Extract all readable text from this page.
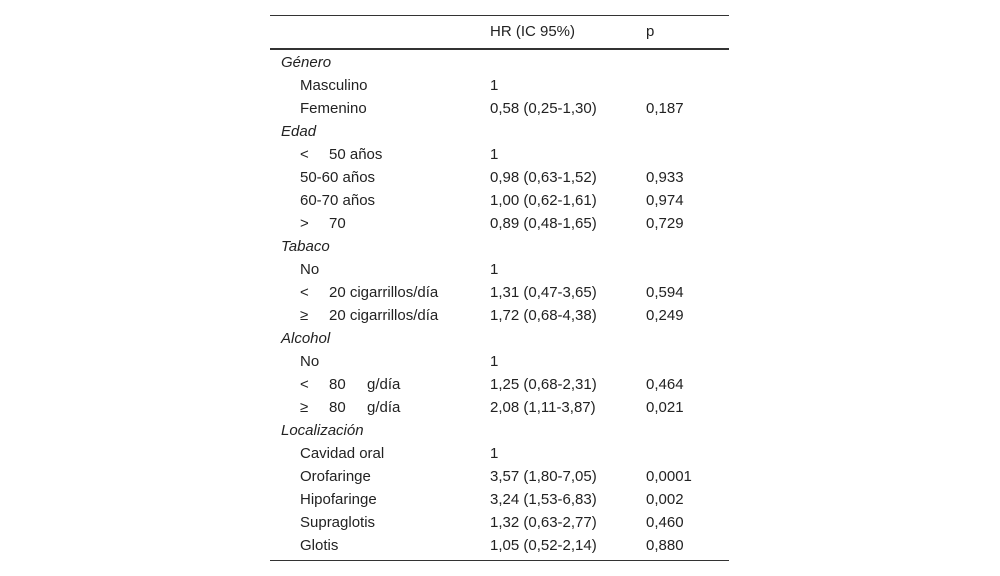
HR (IC 95%)	p
Género
Masculino	1
Femenino	0,58 (0,25-1,30)	0,187
Edad
< 50 años	1
50-60 años	0,98 (0,63-1,52)	0,933
60-70 años	1,00 (0,62-1,61)	0,974
> 70	0,89 (0,48-1,65)	0,729
Tabaco
No	1
< 20 cigarrillos/día	1,31 (0,47-3,65)	0,594
≥ 20 cigarrillos/día	1,72 (0,68-4,38)	0,249
Alcohol
No	1
< 80 g/día	1,25 (0,68-2,31)	0,464
≥ 80 g/día	2,08 (1,11-3,87)	0,021
Localización
Cavidad oral	1
Orofaringe	3,57 (1,80-7,05)	0,0001
Hipofaringe	3,24 (1,53-6,83)	0,002
Supraglotis	1,32 (0,63-2,77)	0,460
Glotis	1,05 (0,52-2,14)	0,880
